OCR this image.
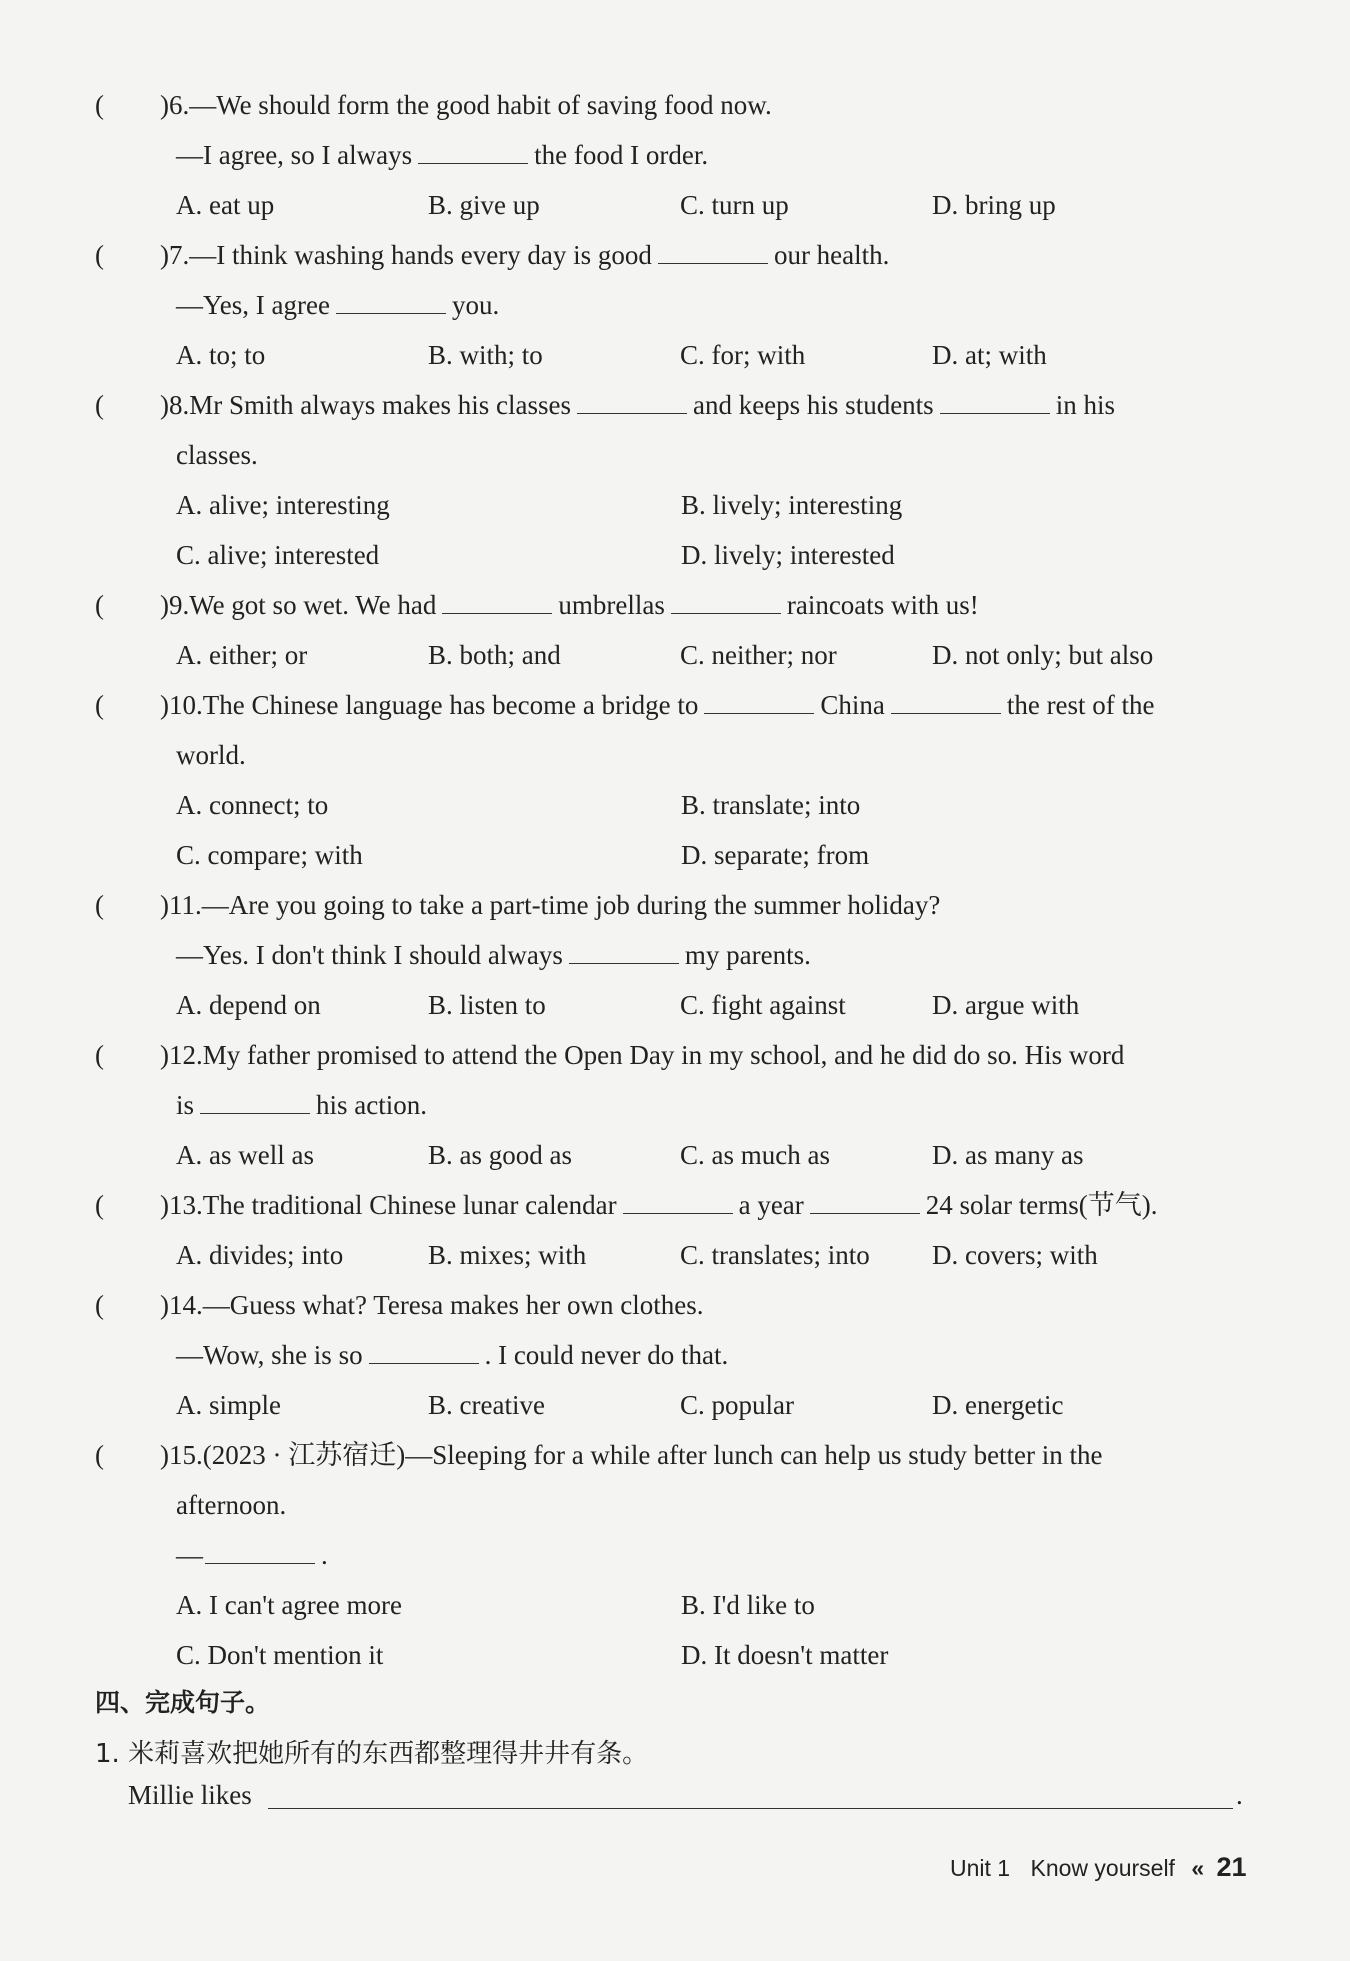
( )6.—We should form the good habit of saving food now.
—I agree, so I always	the food I order.
A. eat up	B. give up	C. turn up	D. bring up
( )7.—I think washing hands every day is good	our health.
—Yes, I agree	you.
A. to; to	B. with; to	C. for; with	D. at; with
( )8.Mr Smith always makes his classes	and keeps his students	in his
classes.
A. alive; interesting	B. lively; interesting
C. alive; interested	D. lively; interested
( )9.We got so wet. We had	umbrellas	raincoats with us!
A. either; or	B. both; and	C. neither; nor	D. not only; but also
( )10.The Chinese language has become a bridge to	China	the rest of the
world.
A. connect; to	B. translate; into
C. compare; with	D. separate; from
( )11.—Are you going to take a part-time job during the summer holiday?
—Yes. I don't think I should always	my parents.
A. depend on	B. listen to	C. fight against	D. argue with
( )12.My father promised to attend the Open Day in my school, and he did do so. His word
is	his action.
A. as well as	B. as good as	C. as much as	D. as many as
( )13.The traditional Chinese lunar calendar	a year	24 solar terms(节气).
A. divides; into	B. mixes; with	C. translates; into	D. covers; with
( )14.—Guess what? Teresa makes her own clothes.
—Wow, she is so	. I could never do that.
A. simple	B. creative	C. popular	D. energetic
( )15.(2023 · 江苏宿迁)—Sleeping for a while after lunch can help us study better in the
afternoon.
—	.
A. I can't agree more	B. I'd like to
C. Don't mention it	D. It doesn't matter
四、完成句子。
1. 米莉喜欢把她所有的东西都整理得井井有条。
Millie likes	.
Unit 1 Know yourself « 21
